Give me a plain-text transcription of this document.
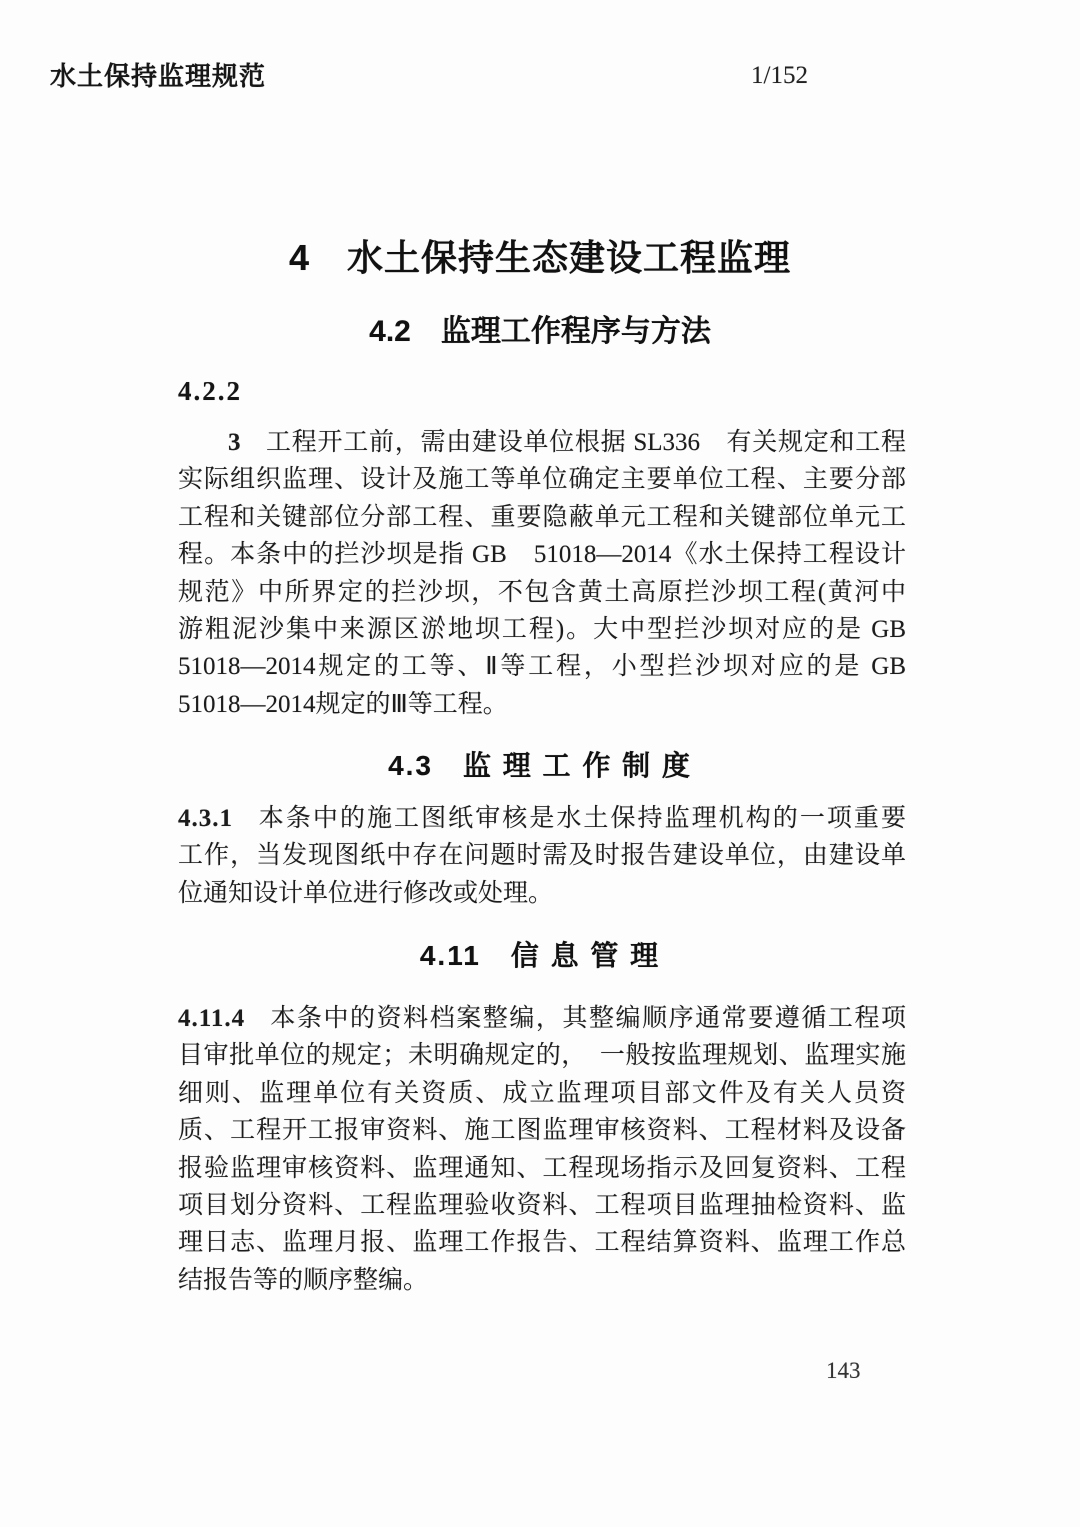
水土保持监理规范	1/152
4　水土保持生态建设工程监理
4.2　监理工作程序与方法
4.2.2
3 工程开工前，需由建设单位根据 SL336　有关规定和工程
实际组织监理、设计及施工等单位确定主要单位工程、主要分部
工程和关键部位分部工程、重要隐蔽单元工程和关键部位单元工
程。本条中的拦沙坝是指 GB　51018—2014《水土保持工程设计
规范》中所界定的拦沙坝，不包含黄土高原拦沙坝工程(黄河中
游粗泥沙集中来源区淤地坝工程)。大中型拦沙坝对应的是 GB
51018—2014规定的工等、Ⅱ等工程，小型拦沙坝对应的是 GB
51018—2014规定的Ⅲ等工程。
4.3　监 理 工 作 制 度
4.3.1 本条中的施工图纸审核是水土保持监理机构的一项重要
工作，当发现图纸中存在问题时需及时报告建设单位，由建设单
位通知设计单位进行修改或处理。
4.11　信 息 管 理
4.11.4 本条中的资料档案整编，其整编顺序通常要遵循工程项
目审批单位的规定；未明确规定的，　一般按监理规划、监理实施
细则、监理单位有关资质、成立监理项目部文件及有关人员资
质、工程开工报审资料、施工图监理审核资料、工程材料及设备
报验监理审核资料、监理通知、工程现场指示及回复资料、工程
项目划分资料、工程监理验收资料、工程项目监理抽检资料、监
理日志、监理月报、监理工作报告、工程结算资料、监理工作总
结报告等的顺序整编。
143
